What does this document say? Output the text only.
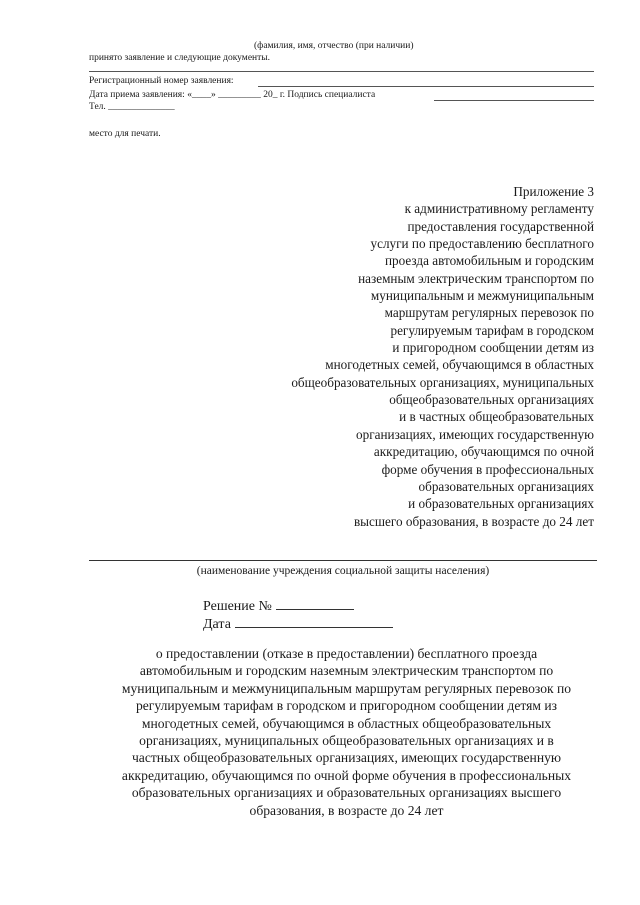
(фамилия, имя, отчество (при наличии)
принято заявление и следующие документы.
Регистрационный номер заявления:
Дата приема заявления: «____» _________ 20_ г. Подпись специалиста
Тел. ______________
место для печати.
Приложение 3
к административному регламенту
предоставления государственной
услуги по предоставлению бесплатного
проезда автомобильным и городским
наземным электрическим транспортом по
муниципальным и межмуниципальным
маршрутам регулярных перевозок по
регулируемым тарифам в городском
и пригородном сообщении детям из
многодетных семей, обучающимся в областных
общеобразовательных организациях, муниципальных
общеобразовательных организациях
и в частных общеобразовательных
организациях, имеющих государственную
аккредитацию, обучающимся по очной
форме обучения в профессиональных
образовательных организациях
и образовательных организациях
высшего образования, в возрасте до 24 лет
(наименование учреждения социальной защиты населения)
Решение №
Дата
о предоставлении (отказе в предоставлении) бесплатного проезда
автомобильным и городским наземным электрическим транспортом по
муниципальным и межмуниципальным маршрутам регулярных перевозок по
регулируемым тарифам в городском и пригородном сообщении детям из
многодетных семей, обучающимся в областных общеобразовательных
организациях, муниципальных общеобразовательных организациях и в
частных общеобразовательных организациях, имеющих государственную
аккредитацию, обучающимся по очной форме обучения в профессиональных
образовательных организациях и образовательных организациях высшего
образования, в возрасте до 24 лет
